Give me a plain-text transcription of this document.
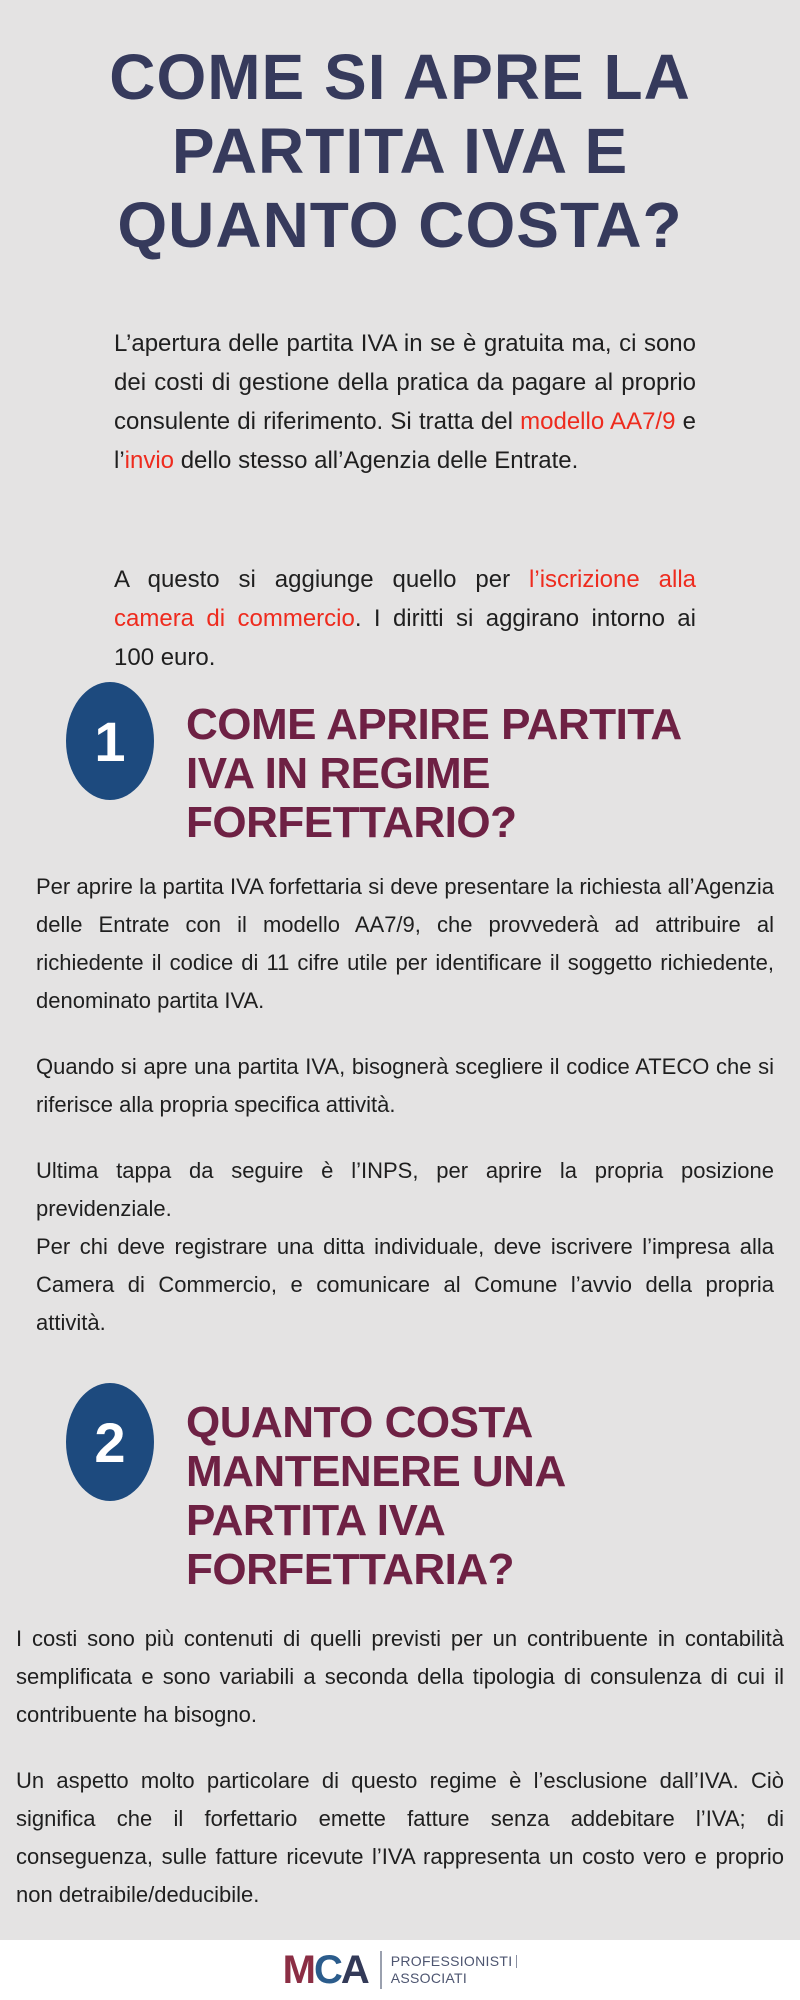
COME SI APRE LA
PARTITA IVA E
QUANTO COSTA?

L’apertura delle partita IVA in se è gratuita ma, ci sono dei costi di gestione della pratica da pagare al proprio consulente di riferimento. Si tratta del modello AA7/9 e l’invio dello stesso all’Agenzia delle Entrate.

A questo si aggiunge quello per l’iscrizione alla camera di commercio. I diritti si aggirano intorno ai 100 euro.

1 COME APRIRE PARTITA
IVA IN REGIME
FORFETTARIO?

Per aprire la partita IVA forfettaria si deve presentare la richiesta all’Agenzia delle Entrate con il modello AA7/9, che provvederà ad attribuire al richiedente il codice di 11 cifre utile per identificare il soggetto richiedente, denominato partita IVA.

Quando si apre una partita IVA, bisognerà scegliere il codice ATECO che si riferisce alla propria specifica attività.

Ultima tappa da seguire è l’INPS, per aprire la propria posizione previdenziale.

Per chi deve registrare una ditta individuale, deve iscrivere l’impresa alla Camera di Commercio, e comunicare al Comune l’avvio della propria attività.

2 QUANTO COSTA
MANTENERE UNA
PARTITA IVA
FORFETTARIA?

I costi sono più contenuti di quelli previsti per un contribuente in contabilità semplificata e sono variabili a seconda della tipologia di consulenza di cui il contribuente ha bisogno.

Un aspetto molto particolare di questo regime è l’esclusione dall’IVA. Ciò significa che il forfettario emette fatture senza addebitare l’IVA; di conseguenza, sulle fatture ricevute l’IVA rappresenta un costo vero e proprio non detraibile/deducibile.

M C A PROFESSIONISTI
ASSOCIATI
